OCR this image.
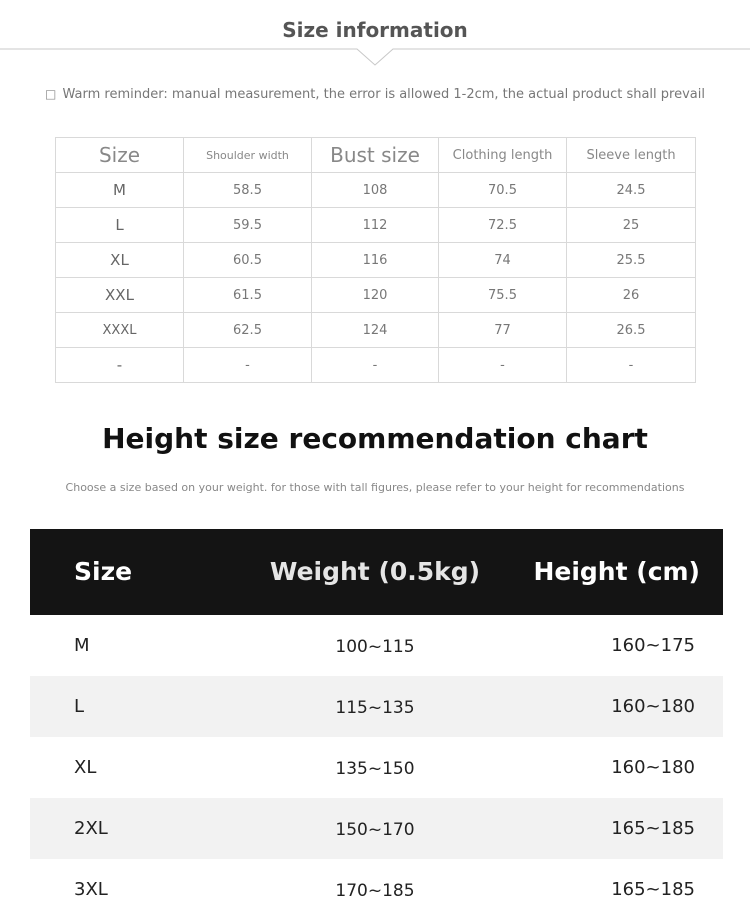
Size information
□ Warm reminder: manual measurement, the error is allowed 1-2cm, the actual product shall prevail
Size	Shoulder width	Bust size	Clothing length	Sleeve length
M	58.5	108	70.5	24.5
L	59.5	112	72.5	25
XL	60.5	116	74	25.5
XXL	61.5	120	75.5	26
XXXL	62.5	124	77	26.5
-	-	-	-	-
Height size recommendation chart
Choose a size based on your weight. for those with tall figures, please refer to your height for recommendations
Size	Weight (0.5kg)	Height (cm)
M	100~115	160~175
L	115~135	160~180
XL	135~150	160~180
2XL	150~170	165~185
3XL	170~185	165~185
